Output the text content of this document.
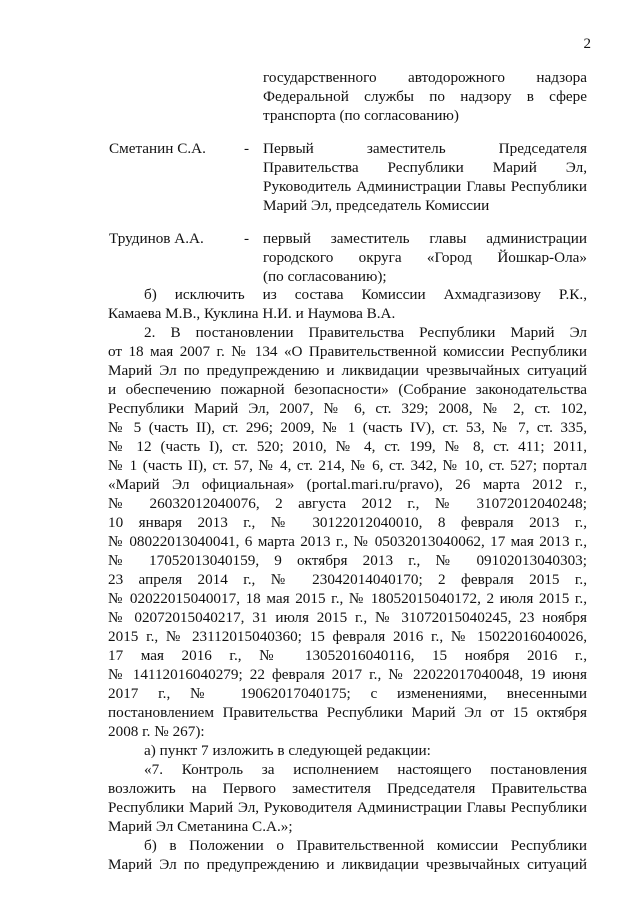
2
государственного автодорожного надзора
Федеральной службы по надзору в сфере
транспорта (по согласованию)
Сметанин С.А.	- Первый заместитель Председателя
Правительства Республики Марий Эл,
Руководитель Администрации Главы Республики
Марий Эл, председатель Комиссии
Трудинов А.А.	- первый заместитель главы администрации
городского округа «Город Йошкар-Ола»
(по согласованию);
б) исключить из состава Комиссии Ахмадгазизову Р.К.,
Камаева М.В., Куклина Н.И. и Наумова В.А.
2. В постановлении Правительства Республики Марий Эл
от 18 мая 2007 г. № 134 «О Правительственной комиссии Республики
Марий Эл по предупреждению и ликвидации чрезвычайных ситуаций
и обеспечению пожарной безопасности» (Собрание законодательства
Республики Марий Эл, 2007, № 6, ст. 329; 2008, № 2, ст. 102,
№ 5 (часть II), ст. 296; 2009, № 1 (часть IV), ст. 53, № 7, ст. 335,
№ 12 (часть I), ст. 520; 2010, № 4, ст. 199, № 8, ст. 411; 2011,
№ 1 (часть II), ст. 57, № 4, ст. 214, № 6, ст. 342, № 10, ст. 527; портал
«Марий Эл официальная» (portal.mari.ru/pravo), 26 марта 2012 г.,
№ 26032012040076, 2 августа 2012 г., № 31072012040248;
10 января 2013 г., № 30122012040010, 8 февраля 2013 г.,
№ 08022013040041, 6 марта 2013 г., № 05032013040062, 17 мая 2013 г.,
№ 17052013040159, 9 октября 2013 г., № 09102013040303;
23 апреля 2014 г., № 23042014040170; 2 февраля 2015 г.,
№ 02022015040017, 18 мая 2015 г., № 18052015040172, 2 июля 2015 г.,
№ 02072015040217, 31 июля 2015 г., № 31072015040245, 23 ноября
2015 г., № 23112015040360; 15 февраля 2016 г., № 15022016040026,
17 мая 2016 г., № 13052016040116, 15 ноября 2016 г.,
№ 14112016040279; 22 февраля 2017 г., № 22022017040048, 19 июня
2017 г., № 19062017040175; с изменениями, внесенными
постановлением Правительства Республики Марий Эл от 15 октября
2008 г. № 267):
а) пункт 7 изложить в следующей редакции:
«7. Контроль за исполнением настоящего постановления
возложить на Первого заместителя Председателя Правительства
Республики Марий Эл, Руководителя Администрации Главы Республики
Марий Эл Сметанина С.А.»;
б) в Положении о Правительственной комиссии Республики
Марий Эл по предупреждению и ликвидации чрезвычайных ситуаций
